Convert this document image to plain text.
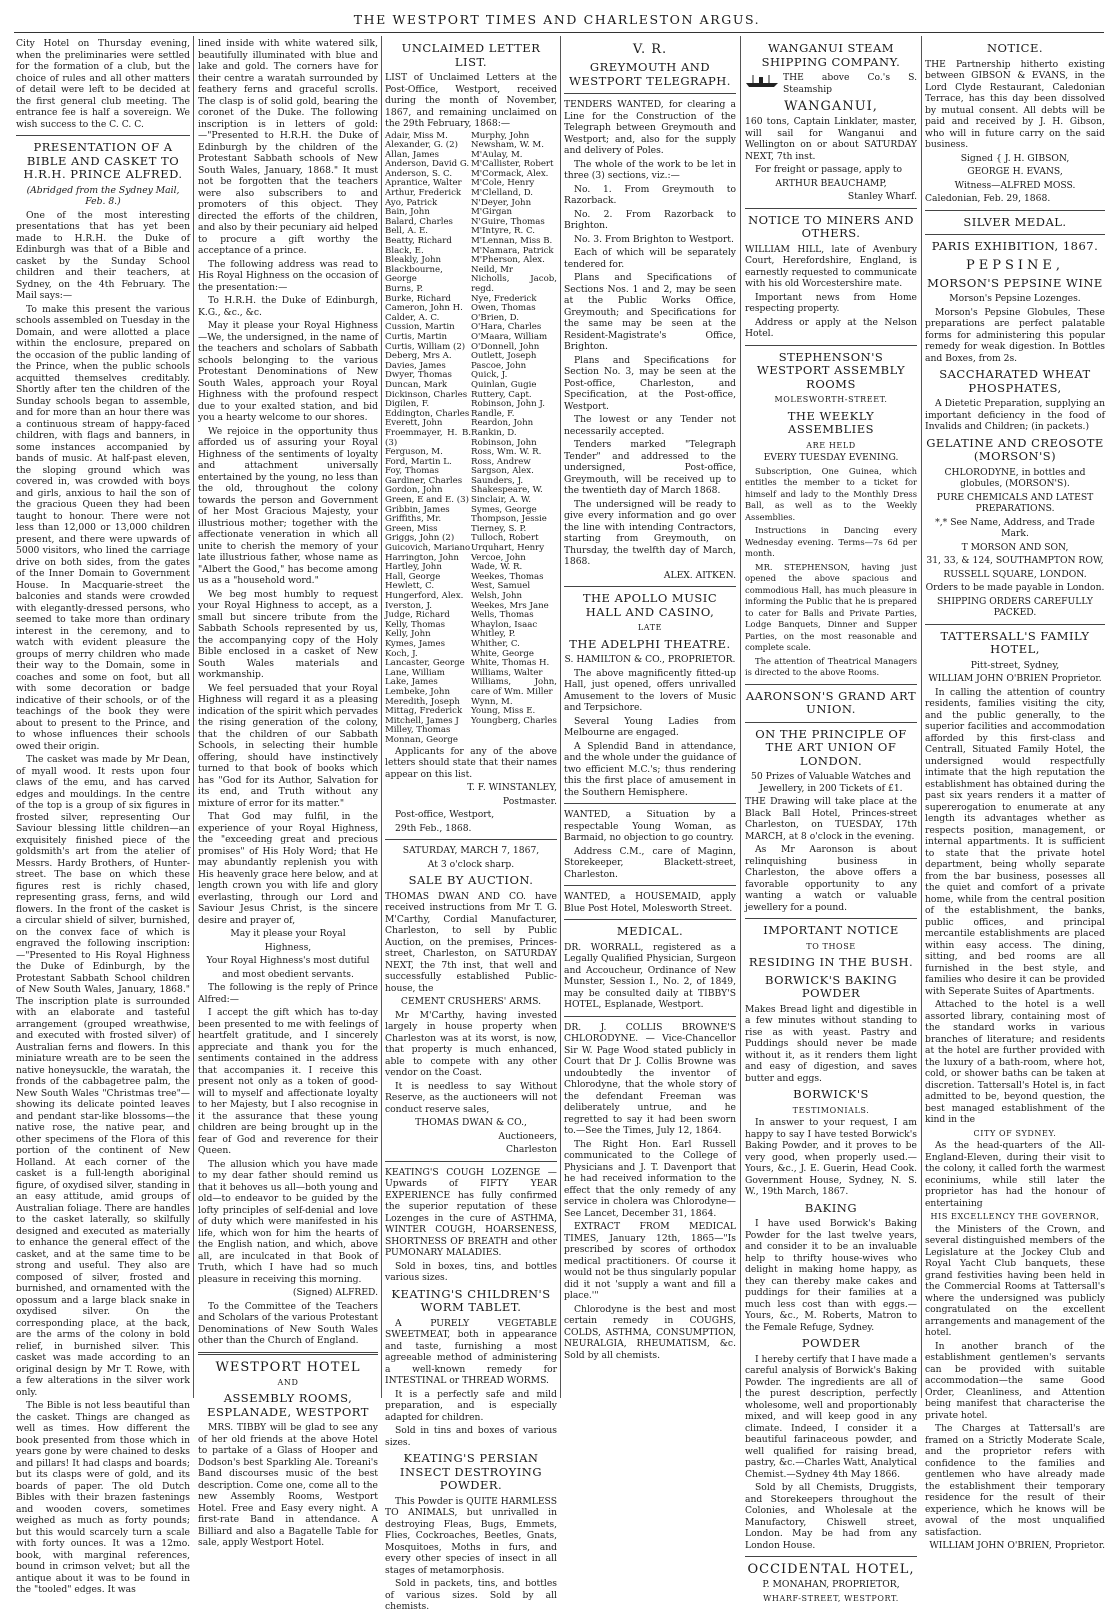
THE WESTPORT TIMES AND CHARLESTON ARGUS.

City Hotel on Thursday evening, when the preliminaries were settled for the formation of a club, but the choice of rules and all other matters of detail were left to be decided at the first general club meeting. The entrance fee is half a sovereign. We wish success to the C. C. C.

PRESENTATION OF A BIBLE AND CASKET TO H.R.H. PRINCE ALFRED.

(Abridged from the Sydney Mail, Feb. 8.)

One of the most interesting presentations that has yet been made to H.R.H. the Duke of Edinburgh was that of a Bible and casket by the Sunday School children and their teachers, at Sydney, on the 4th February. The Mail says:—

To make this present the various schools assembled on Tuesday in the Domain, and were allotted a place within the enclosure, prepared on the occasion of the public landing of the Prince, when the public schools acquitted themselves creditably. Shortly after ten the children of the Sunday schools began to assemble, and for more than an hour there was a continuous stream of happy-faced children, with flags and banners, in some instances accompanied by bands of music. At half-past eleven, the sloping ground which was covered in, was crowded with boys and girls, anxious to hail the son of the gracious Queen they had been taught to honour. There were not less than 12,000 or 13,000 children present, and there were upwards of 5000 visitors, who lined the carriage drive on both sides, from the gates of the Inner Domain to Government House. In Macquarie-street the balconies and stands were crowded with elegantly-dressed persons, who seemed to take more than ordinary interest in the ceremony, and to watch with evident pleasure the groups of merry children who made their way to the Domain, some in coaches and some on foot, but all with some decoration or badge indicative of their schools, or of the teachings of the book they were about to present to the Prince, and to whose influences their schools owed their origin.

The casket was made by Mr Dean, of myall wood. It rests upon four claws of the emu, and has carved edges and mouldings. In the centre of the top is a group of six figures in frosted silver, representing Our Saviour blessing little children—an exquisitely finished piece of the goldsmith's art from the atelier of Messrs. Hardy Brothers, of Hunter-street. The base on which these figures rest is richly chased, representing grass, ferns, and wild flowers. In the front of the casket is a circular shield of silver, burnished, on the convex face of which is engraved the following inscription:—"Presented to His Royal Highness the Duke of Edinburgh, by the Protestant Sabbath School children of New South Wales, January, 1868." The inscription plate is surrounded with an elaborate and tasteful arrangement (grouped wreathwise, and executed with frosted silver) of Australian ferns and flowers. In this miniature wreath are to be seen the native honeysuckle, the waratah, the fronds of the cabbagetree palm, the New South Wales "Christmas tree"—showing its delicate pointed leaves and pendant star-like blossoms—the native rose, the native pear, and other specimens of the Flora of this portion of the continent of New Holland. At each corner of the casket is a full-length aboriginal figure, of oxydised silver, standing in an easy attitude, amid groups of Australian foliage. There are handles to the casket laterally, so skilfully designed and executed as materially to enhance the general effect of the casket, and at the same time to be strong and useful. They also are composed of silver, frosted and burnished, and ornamented with the opossum and a large black snake in oxydised silver. On the corresponding place, at the back, are the arms of the colony in bold relief, in burnished silver. This casket was made according to an original design by Mr T. Rowe, with a few alterations in the silver work only.

The Bible is not less beautiful than the casket. Things are changed as well as times. How different the book presented from those which in years gone by were chained to desks and pillars! It had clasps and boards; but its clasps were of gold, and its boards of paper. The old Dutch Bibles with their brazen fastenings and wooden covers, sometimes weighed as much as forty pounds; but this would scarcely turn a scale with forty ounces. It was a 12mo. book, with marginal references, bound in crimson velvet; but all the antique about it was to be found in the "tooled" edges. It was

lined inside with white watered silk, beautifully illuminated with blue and lake and gold. The corners have for their centre a waratah surrounded by feathery ferns and graceful scrolls. The clasp is of solid gold, bearing the coronet of the Duke. The following inscription is in letters of gold:—"Presented to H.R.H. the Duke of Edinburgh by the children of the Protestant Sabbath schools of New South Wales, January, 1868." It must not be forgotten that the teachers were also subscribers to and promoters of this object. They directed the efforts of the children, and also by their pecuniary aid helped to procure a gift worthy the acceptance of a prince.

The following address was read to His Royal Highness on the occasion of the presentation:—

To H.R.H. the Duke of Edinburgh, K.G., &c., &c.

May it please your Royal Highness—We, the undersigned, in the name of the teachers and scholars of Sabbath schools belonging to the various Protestant Denominations of New South Wales, approach your Royal Highness with the profound respect due to your exalted station, and bid you a hearty welcome to our shores.

We rejoice in the opportunity thus afforded us of assuring your Royal Highness of the sentiments of loyalty and attachment universally entertained by the young, no less than the old, throughout the colony towards the person and Government of her Most Gracious Majesty, your illustrious mother; together with the affectionate veneration in which all unite to cherish the memory of your late illustrious father, whose name as "Albert the Good," has become among us as a "household word."

We beg most humbly to request your Royal Highness to accept, as a small but sincere tribute from the Sabbath Schools represented by us, the accompanying copy of the Holy Bible enclosed in a casket of New South Wales materials and workmanship.

We feel persuaded that your Royal Highness will regard it as a pleasing indication of the spirit which pervades the rising generation of the colony, that the children of our Sabbath Schools, in selecting their humble offering, should have instinctively turned to that book of books which has "God for its Author, Salvation for its end, and Truth without any mixture of error for its matter."

That God may fulfil, in the experience of your Royal Highness, the "exceeding great and precious promises" of His Holy Word; that He may abundantly replenish you with His heavenly grace here below, and at length crown you with life and glory everlasting, through our Lord and Saviour Jesus Christ, is the sincere desire and prayer of,

May it please your Royal

Highness,

Your Royal Highness's most dutiful

and most obedient servants.

The following is the reply of Prince Alfred:—

I accept the gift which has to-day been presented to me with feelings of heartfelt gratitude, and I sincerely appreciate and thank you for the sentiments contained in the address that accompanies it. I receive this present not only as a token of good-will to myself and affectionate loyalty to her Majesty, but I also recognise in it the assurance that these young children are being brought up in the fear of God and reverence for their Queen.

The allusion which you have made to my dear father should remind us that it behoves us all—both young and old—to endeavor to be guided by the lofty principles of self-denial and love of duty which were manifested in his life, which won for him the hearts of the English nation, and which, above all, are inculcated in that Book of Truth, which I have had so much pleasure in receiving this morning.

(Signed) ALFRED.

To the Committee of the Teachers and Scholars of the various Protestant Denominations of New South Wales other than the Church of England.

WESTPORT HOTEL

AND

ASSEMBLY ROOMS, ESPLANADE, WESTPORT

MRS. TIBBY will be glad to see any of her old friends at the above Hotel to partake of a Glass of Hooper and Dodson's best Sparkling Ale. Toreani's Band discourses music of the best description. Come one, come all to the new Assembly Rooms, Westport Hotel. Free and Easy every night. A first-rate Band in attendance. A Billiard and also a Bagatelle Table for sale, apply Westport Hotel.

UNCLAIMED LETTER LIST.

LIST of Unclaimed Letters at the Post-Office, Westport, received during the month of November, 1867, and remaining unclaimed on the 29th February, 1868:—

Adair, Miss M.
Alexander, G. (2)
Allan, James
Anderson, David G.
Anderson, S. C.
Aprantice, Walter
Arthur, Frederick
Ayo, Patrick
Bain, John
Balard, Charles
Bell, A. E.
Beatty, Richard
Black, E.
Bleakly, John
Blackbourne, George
Burns, P.
Burke, Richard
Cameron, John H.
Calder, A. C.
Cussion, Martin
Curtis, Martin
Curtis, William (2)
Deberg, Mrs A.
Davies, James
Dwyer, Thomas
Duncan, Mark
Dickinson, Charles
Digilen, F.
Eddington, Charles
Everett, John
Froemmayer, H. B. (3)
Ferguson, M.
Ford, Martin L.
Foy, Thomas
Gardiner, Charles
Gordon, John
Green, E and E. (3)
Gribbin, James
Griffiths, Mr.
Green, Miss
Griggs, John (2)
Guicovich, Mariano
Harrington, John
Hartley, John
Hall, George
Hewlett, C.
Hungerford, Alex.
Iverston, J.
Judge, Richard
Kelly, Thomas
Kelly, John
Kymes, James
Koch, J.
Lancaster, George
Lane, William
Lake, James
Lembeke, John
Meredith, Joseph
Mittag, Frederick
Mitchell, James J
Milley, Thomas
Monnan, George
Murphy, John
Newsham, W. M.
M'Aulay, M.
M'Callister, Robert
M'Cormack, Alex.
M'Cole, Henry
M'Clelland, D.
N'Deyer, John
M'Girgan
N'Guire, Thomas
M'Intyre, R. C.
M'Lennan, Miss B.
M'Namara, Patrick
M'Pherson, Alex.
Neild, Mr
Nicholls, Jacob, regd.
Nye, Frederick
Owen, Thomas
O'Brien, D.
O'Hara, Charles
O'Maara, William
O'Donnell, John
Outlett, Joseph
Pascoe, John
Quick, J.
Quinlan, Gugie
Ruttery, Capt.
Robinson, John J.
Randle, F.
Reardon, John
Rankin, D.
Robinson, John
Ross, Wm. W. R.
Ross, Andrew
Sargson, Alex.
Saunders, J.
Shakespeare, W.
Sinclair, A. W.
Symes, George
Thompson, Jessie
Tierney, S. P.
Tulloch, Robert
Urquhart, Henry
Vercoe, John
Wade, W. R.
Weekes, Thomas
West, Samuel
Welsh, John
Weekes, Mrs Jane
Wells, Thomas
Whaylon, Isaac
Whitley, P.
Whither, C.
White, George
White, Thomas H.
Williams, Walter
Williams, John, care of Wm. Miller
Wynn, M.
Young, Miss E.
Youngberg, Charles

Applicants for any of the above letters should state that their names appear on this list.

T. F. WINSTANLEY,

Postmaster.

Post-office, Westport,

29th Feb., 1868.

SATURDAY, MARCH 7, 1867,

At 3 o'clock sharp.

SALE BY AUCTION.

THOMAS DWAN AND CO. have received instructions from Mr T. G. M'Carthy, Cordial Manufacturer, Charleston, to sell by Public Auction, on the premises, Princes-street, Charleston, on SATURDAY NEXT, the 7th inst, that well and successfully established Public-house, the

CEMENT CRUSHERS' ARMS.

Mr M'Carthy, having invested largely in house property when Charleston was at its worst, is now, that property is much enhanced, able to compete with any other vendor on the Coast.

It is needless to say Without Reserve, as the auctioneers will not conduct reserve sales,

THOMAS DWAN & CO.,

Auctioneers,

Charleston

KEATING'S COUGH LOZENGE —Upwards of FIFTY YEAR EXPERIENCE has fully confirmed the superior reputation of these Lozenges in the cure of ASTHMA, WINTER COUGH, HOARSENESS, SHORTNESS OF BREATH and other PUMONARY MALADIES.

Sold in boxes, tins, and bottles various sizes.

KEATING'S CHILDREN'S WORM TABLET.

A PURELY VEGETABLE SWEETMEAT, both in appearance and taste, furnishing a most agreeable method of administering a well-known remedy for INTESTINAL or THREAD WORMS.

It is a perfectly safe and mild preparation, and is especially adapted for children.

Sold in tins and boxes of various sizes.

KEATING'S PERSIAN INSECT DESTROYING POWDER.

This Powder is QUITE HARMLESS TO ANIMALS, but unrivalled in destroying Fleas, Bugs, Emmets, Flies, Cockroaches, Beetles, Gnats, Mosquitoes, Moths in furs, and every other species of insect in all stages of metamorphosis.

Sold in packets, tins, and bottles of various sizes. Sold by all chemists.

V. R.
GREYMOUTH AND WESTPORT TELEGRAPH.

TENDERS WANTED, for clearing a Line for the Construction of the Telegraph between Greymouth and Westport; and, also for the supply and delivery of Poles.

The whole of the work to be let in three (3) sections, viz.:—

No. 1. From Greymouth to Razorback.

No. 2. From Razorback to Brighton.

No. 3. From Brighton to Westport.

Each of which will be separately tendered for.

Plans and Specifications of Sections Nos. 1 and 2, may be seen at the Public Works Office, Greymouth; and Specifications for the same may be seen at the Resident-Magistrate's Office, Brighton.

Plans and Specifications for Section No. 3, may be seen at the Post-office, Charleston, and Specification, at the Post-office, Westport.

The lowest or any Tender not necessarily accepted.

Tenders marked "Telegraph Tender" and addressed to the undersigned, Post-office, Greymouth, will be received up to the twentieth day of March 1868.

The undersigned will be ready to give every information and go over the line with intending Contractors, starting from Greymouth, on Thursday, the twelfth day of March, 1868.

ALEX. AITKEN.

THE APOLLO MUSIC HALL AND CASINO,

LATE

THE ADELPHI THEATRE.

S. HAMILTON & CO., PROPRIETOR.

The above magnificently fitted-up Hall, just opened, offers unrivalled Amusement to the lovers of Music and Terpsichore.

Several Young Ladies from Melbourne are engaged.

A Splendid Band in attendance, and the whole under the guidance of two efficient M.C.'s; thus rendering this the first place of amusement in the Southern Hemisphere.

WANTED, a Situation by a respectable Young Woman, as Barmaid, no objection to go country.

Address C.M., care of Maginn, Storekeeper, Blackett-street, Charleston.

WANTED, a HOUSEMAID, apply Blue Post Hotel, Molesworth Street.

MEDICAL.

DR. WORRALL, registered as a Legally Qualified Physician, Surgeon and Accoucheur, Ordinance of New Munster, Session I., No. 2, of 1849, may be consulted daily at TIBBY'S HOTEL, Esplanade, Westport.

DR. J. COLLIS BROWNE'S CHLORODYNE. — Vice-Chancellor Sir W. Page Wood stated publicly in Court that Dr J. Collis Browne was undoubtedly the inventor of Chlorodyne, that the whole story of the defendant Freeman was deliberately untrue, and he regretted to say it had been sworn to.—See the Times, July 12, 1864.

The Right Hon. Earl Russell communicated to the College of Physicians and J. T. Davenport that he had received information to the effect that the only remedy of any service in cholera was Chlorodyne—See Lancet, December 31, 1864.

EXTRACT FROM MEDICAL TIMES, January 12th, 1865—"Is prescribed by scores of orthodox medical practitioners. Of course it would not be thus singularly popular did it not 'supply a want and fill a place.'"

Chlorodyne is the best and most certain remedy in COUGHS, COLDS, ASTHMA, CONSUMPTION, NEURALGIA, RHEUMATISM, &c. Sold by all chemists.

WANGANUI STEAM SHIPPING COMPANY.

THE above Co.'s S. Steamship

WANGANUI,

160 tons, Captain Linklater, master, will sail for Wanganui and Wellington on or about SATURDAY NEXT, 7th inst.

For freight or passage, apply to

ARTHUR BEAUCHAMP,

Stanley Wharf.

NOTICE TO MINERS AND OTHERS.

WILLIAM HILL, late of Avenbury Court, Herefordshire, England, is earnestly requested to communicate with his old Worcestershire mate.

Important news from Home respecting property.

Address or apply at the Nelson Hotel.

STEPHENSON'S WESTPORT ASSEMBLY ROOMS

MOLESWORTH-STREET.

THE WEEKLY ASSEMBLIES

ARE HELD

EVERY TUESDAY EVENING.

Subscription, One Guinea, which entitles the member to a ticket for himself and lady to the Monthly Dress Ball, as well as to the Weekly Assemblies.

Instructions in Dancing every Wednesday evening. Terms—7s 6d per month.

MR. STEPHENSON, having just opened the above spacious and commodious Hall, has much pleasure in informing the Public that he is prepared to cater for Balls and Private Parties, Lodge Banquets, Dinner and Supper Parties, on the most reasonable and complete scale.

The attention of Theatrical Managers is directed to the above Rooms.

AARONSON'S GRAND ART UNION.
ON THE PRINCIPLE OF THE ART UNION OF LONDON.

50 Prizes of Valuable Watches and Jewellery, in 200 Tickets of £1.

THE Drawing will take place at the Black Ball Hotel, Princes-street Charleston, on TUESDAY, 17th MARCH, at 8 o'clock in the evening.

As Mr Aaronson is about relinquishing business in Charleston, the above offers a favorable opportunity to any wanting a watch or valuable jewellery for a pound.

IMPORTANT NOTICE

TO THOSE

RESIDING IN THE BUSH.
BORWICK'S BAKING POWDER

Makes Bread light and digestible in a few minutes without standing to rise as with yeast. Pastry and Puddings should never be made without it, as it renders them light and easy of digestion, and saves butter and eggs.

BORWICK'S

TESTIMONIALS.

In answer to your request, I am happy to say I have tested Borwick's Baking Powder, and it proves to be very good, when properly used.—Yours, &c., J. E. Guerin, Head Cook. Government House, Sydney, N. S. W., 19th March, 1867.

BAKING

I have used Borwick's Baking Powder for the last twelve years, and consider it to be an invaluable help to thrifty house-wives who delight in making home happy, as they can thereby make cakes and puddings for their families at a much less cost than with eggs.—Yours, &c., M. Roberts, Matron to the Female Refuge, Sydney.

POWDER

I hereby certify that I have made a careful analysis of Borwick's Baking Powder. The ingredients are all of the purest description, perfectly wholesome, well and proportionably mixed, and will keep good in any climate. Indeed, I consider it a beautiful farinaceous powder, and well qualified for raising bread, pastry, &c.—Charles Watt, Analytical Chemist.—Sydney 4th May 1866.

Sold by all Chemists, Druggists, and Storekeepers throughout the Colonies, and Wholesale at the Manufactory, Chiswell street, London. May be had from any London House.

OCCIDENTAL HOTEL,

P. MONAHAN, PROPRIETOR,

WHARF-STREET, WESTPORT.

NOTICE.

THE Partnership hitherto existing between GIBSON & EVANS, in the Lord Clyde Restaurant, Caledonian Terrace, has this day been dissolved by mutual consent. All debts will be paid and received by J. H. Gibson, who will in future carry on the said business.

Signed { J. H. GIBSON,

GEORGE H. EVANS,

Witness—ALFRED MOSS.

Caledonian, Feb. 29, 1868.

SILVER MEDAL.
PARIS EXHIBITION, 1867.
PEPSINE,
MORSON'S PEPSINE WINE

Morson's Pepsine Lozenges.

Morson's Pepsine Globules, These preparations are perfect palatable forms for administering this popular remedy for weak digestion. In Bottles and Boxes, from 2s.

SACCHARATED WHEAT PHOSPHATES,

A Dietetic Preparation, supplying an important deficiency in the food of Invalids and Children; (in packets.)

GELATINE AND CREOSOTE (MORSON'S)

CHLORODYNE, in bottles and globules, (MORSON'S).

PURE CHEMICALS AND LATEST PREPARATIONS.

*,* See Name, Address, and Trade Mark.

T MORSON AND SON,

31, 33, & 124, SOUTHAMPTON ROW,

RUSSELL SQUARE, LONDON.

Orders to be made payable in London.

SHIPPING ORDERS CAREFULLY PACKED.

TATTERSALL'S FAMILY HOTEL,

Pitt-street, Sydney,

WILLIAM JOHN O'BRIEN Proprietor.

In calling the attention of country residents, families visiting the city, and the public generally, to the superior facilities and accommodation afforded by this first-class and Centrall, Situated Family Hotel, the undersigned would respectfully intimate that the high reputation the establishment has obtained during the past six years renders it a matter of supererogation to enumerate at any length its advantages whether as respects position, management, or internal appartments. It is sufficient to state that the private hotel department, being wholly separate from the bar business, posesses all the quiet and comfort of a private home, while from the central position of the establishment, the banks, public offices, and principal mercantile establishments are placed within easy access. The dining, sitting, and bed rooms are all furnished in the best style, and families who desire it can be provided with Seperate Suites of Apartments.

Attached to the hotel is a well assorted library, containing most of the standard works in various branches of literature; and residents at the hotel are further provided with the luxury of a bath-room, where hot, cold, or shower baths can be taken at discretion. Tattersall's Hotel is, in fact admitted to be, beyond question, the best managed establishment of the kind in the

CITY OF SYDNEY.

As the head-quarters of the All-England-Eleven, during their visit to the colony, it called forth the warmest econiniums, while still later the proprietor has had the honour of entertaining

HIS EXCELLENCY THE GOVERNOR,

the Ministers of the Crown, and several distinguished members of the Legislature at the Jockey Club and Royal Yacht Club banquets, these grand festivities having been held in the Commercial Rooms at Tattersall's where the undersigned was publicly congratulated on the excellent arrangements and management of the hotel.

In another branch of the establishment gentlemen's servants can be provided with suitable accommodation—the same Good Order, Cleanliness, and Attention being manifest that characterise the private hotel.

The Charges at Tattersall's are framed on a Strictly Moderate Scale, and the proprietor refers with confidence to the families and gentlemen who have already made the establishment their temporary residence for the result of their experience, which he knows will be avowal of the most unqualified satisfaction.

WILLIAM JOHN O'BRIEN, Proprietor.
